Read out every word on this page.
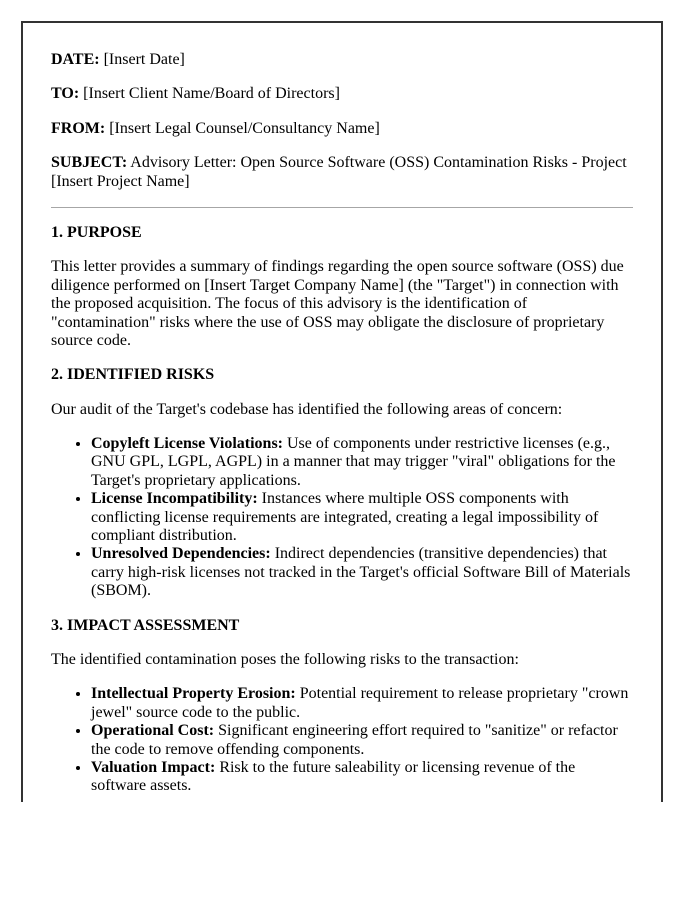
DATE: [Insert Date]

TO: [Insert Client Name/Board of Directors]

FROM: [Insert Legal Counsel/Consultancy Name]

SUBJECT: Advisory Letter: Open Source Software (OSS) Contamination Risks - Project [Insert Project Name]

1. PURPOSE

This letter provides a summary of findings regarding the open source software (OSS) due diligence performed on [Insert Target Company Name] (the "Target") in connection with the proposed acquisition. The focus of this advisory is the identification of "contamination" risks where the use of OSS may obligate the disclosure of proprietary source code.

2. IDENTIFIED RISKS

Our audit of the Target's codebase has identified the following areas of concern:

• Copyleft License Violations: Use of components under restrictive licenses (e.g., GNU GPL, LGPL, AGPL) in a manner that may trigger "viral" obligations for the Target's proprietary applications.
• License Incompatibility: Instances where multiple OSS components with conflicting license requirements are integrated, creating a legal impossibility of compliant distribution.
• Unresolved Dependencies: Indirect dependencies (transitive dependencies) that carry high-risk licenses not tracked in the Target's official Software Bill of Materials (SBOM).
3. IMPACT ASSESSMENT

The identified contamination poses the following risks to the transaction:

• Intellectual Property Erosion: Potential requirement to release proprietary "crown jewel" source code to the public.
• Operational Cost: Significant engineering effort required to "sanitize" or refactor the code to remove offending components.
• Valuation Impact: Risk to the future saleability or licensing revenue of the software assets.
